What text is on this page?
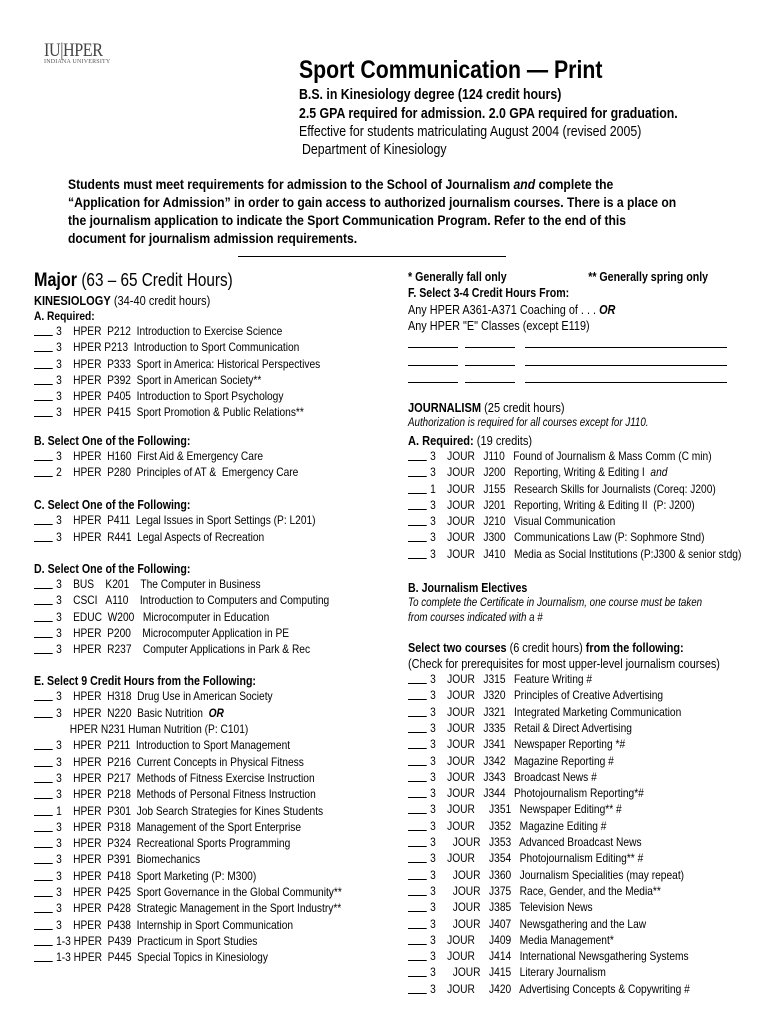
IU|HPER
INDIANA UNIVERSITY	Sport Communication — Print
B.S. in Kinesiology degree (124 credit hours)
2.5 GPA required for admission. 2.0 GPA required for graduation.
Effective for students matriculating August 2004 (revised 2005)
Department of Kinesiology
Students must meet requirements for admission to the School of Journalism and complete the “Application for Admission” in order to gain access to authorized journalism courses. There is a place on the journalism application to indicate the Sport Communication Program. Refer to the end of this document for journalism admission requirements.
Major (63 – 65 Credit Hours)
KINESIOLOGY (34-40 credit hours)
A. Required:
3    HPER  P212  Introduction to Exercise Science
3    HPER P213  Introduction to Sport Communication
3    HPER  P333  Sport in America: Historical Perspectives
3    HPER  P392  Sport in American Society**
3    HPER  P405  Introduction to Sport Psychology
3    HPER  P415  Sport Promotion & Public Relations**
B. Select One of the Following:
3    HPER  H160  First Aid & Emergency Care
2    HPER  P280  Principles of AT &  Emergency Care
C. Select One of the Following:
3    HPER  P411  Legal Issues in Sport Settings (P: L201)
3    HPER  R441  Legal Aspects of Recreation
D. Select One of the Following:
3    BUS    K201    The Computer in Business
3    CSCI   A110    Introduction to Computers and Computing
3    EDUC  W200   Microcomputer in Education
3    HPER  P200    Microcomputer Application in PE
3    HPER  R237    Computer Applications in Park & Rec
E. Select 9 Credit Hours from the Following:
3    HPER  H318  Drug Use in American Society
3    HPER  N220  Basic Nutrition  OR
HPER N231 Human Nutrition (P: C101)
3    HPER  P211  Introduction to Sport Management
3    HPER  P216  Current Concepts in Physical Fitness
3    HPER  P217  Methods of Fitness Exercise Instruction
3    HPER  P218  Methods of Personal Fitness Instruction
1    HPER  P301  Job Search Strategies for Kines Students
3    HPER  P318  Management of the Sport Enterprise
3    HPER  P324  Recreational Sports Programming
3    HPER  P391  Biomechanics
3    HPER  P418  Sport Marketing (P: M300)
3    HPER  P425  Sport Governance in the Global Community**
3    HPER  P428  Strategic Management in the Sport Industry**
3    HPER  P438  Internship in Sport Communication
1-3 HPER  P439  Practicum in Sport Studies
1-3 HPER  P445  Special Topics in Kinesiology
* Generally fall only	** Generally spring only
F. Select 3-4 Credit Hours From:
Any HPER A361-A371 Coaching of . . . OR
Any HPER "E" Classes (except E119)
JOURNALISM (25 credit hours)
Authorization is required for all courses except for J110.
A. Required: (19 credits)
3    JOUR   J110   Found of Journalism & Mass Comm (C min)
3    JOUR   J200   Reporting, Writing & Editing I  and
1    JOUR   J155   Research Skills for Journalists (Coreq: J200)
3    JOUR   J201   Reporting, Writing & Editing II  (P: J200)
3    JOUR   J210   Visual Communication
3    JOUR   J300   Communications Law (P: Sophmore Stnd)
3    JOUR   J410   Media as Social Institutions (P:J300 & senior stdg)
B. Journalism Electives
To complete the Certificate in Journalism, one course must be taken
from courses indicated with a #
Select two courses (6 credit hours) from the following:
(Check for prerequisites for most upper-level journalism courses)
3    JOUR   J315   Feature Writing #
3    JOUR   J320   Principles of Creative Advertising
3    JOUR   J321   Integrated Marketing Communication
3    JOUR   J335   Retail & Direct Advertising
3    JOUR   J341   Newspaper Reporting *#
3    JOUR   J342   Magazine Reporting #
3    JOUR   J343   Broadcast News #
3    JOUR   J344   Photojournalism Reporting*#
3    JOUR     J351   Newspaper Editing** #
3    JOUR     J352   Magazine Editing #
3      JOUR   J353   Advanced Broadcast News
3    JOUR     J354   Photojournalism Editing** #
3      JOUR   J360   Journalism Specialities (may repeat)
3      JOUR   J375   Race, Gender, and the Media**
3      JOUR   J385   Television News
3      JOUR   J407   Newsgathering and the Law
3    JOUR     J409   Media Management*
3    JOUR     J414   International Newsgathering Systems
3      JOUR   J415   Literary Journalism
3    JOUR     J420   Advertising Concepts & Copywriting #
